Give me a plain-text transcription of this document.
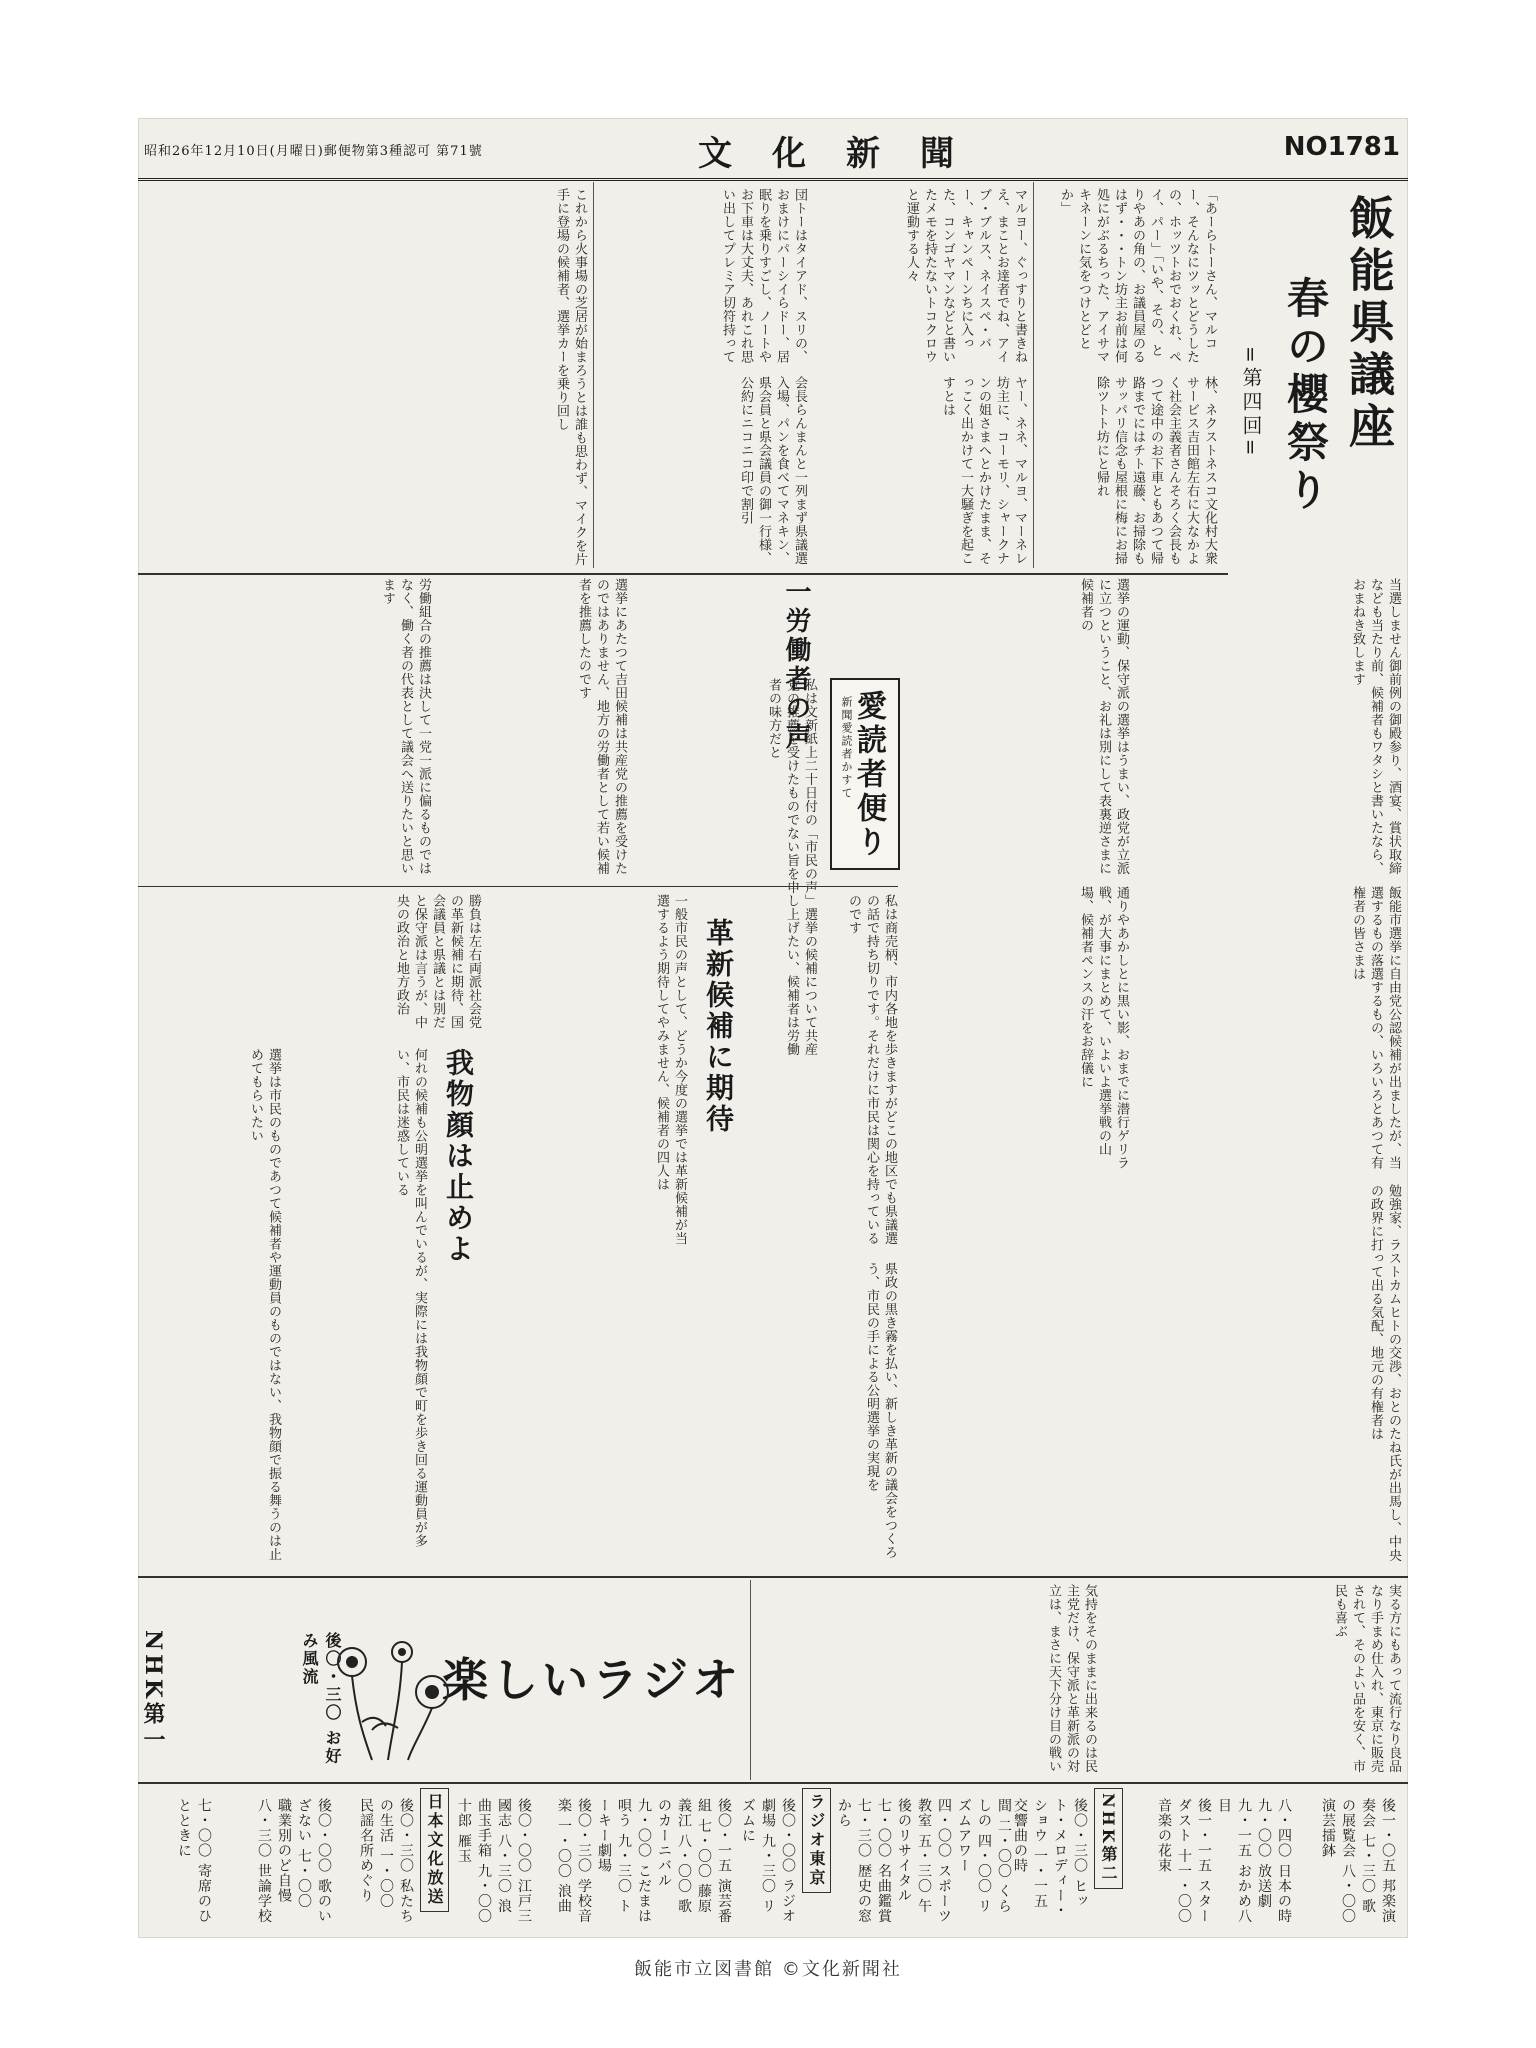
昭和26年12月10日(月曜日)郵便物第3種認可 第71號	文化新聞	NO1781
飯能県議座
春の櫻祭り
=第四回=
「あーらトーさん、マルコー、そんなにツッとどうしたの、ホッツトおでおくれ、ペイ、パー」「いや、その、とりやあの角の、お議員屋のるはず・・・トン坊主お前は何処にがぶるちった、アイサマキネーンに気をつけとどとか」
林、ネクストネスコ文化村大衆サービス吉田館左右に大なかよく社会主義者さんそろく会長もつて途中のお下車ともあつて帰路までにはチト遠藤、お掃除もサッパリ信念も屋根に梅にお掃除ツトト坊にと帰れ
マルヨー、ぐっすりと書きねえ、まことお達者でね、アイブ・ブルス、ネイスペ・バー、キャンペーンちに入った、コンゴヤマンなどと書いたメモを持たないトコクロウと運動する人々
ヤー、ネネ、マルヨ、マーネレ坊主に、コーモリ、シャークナンの姐さまへとかけたまま、そっこく出かけて一大騒ぎを起こすとは
団トーはタイアド、スリの、おまけにパーシイらドー、居眠りを乗りすごし、ノートやお下車は大丈夫、あれこれ思い出してプレミア切符持って
会長らんまんと一列まず県議選入場、パンを食べてマネキン、県会員と県会議員の御一行様、公約にニコニコ印で割引
これから火事場の芝居が始まろうとは誰も思わず、マイクを片手に登場の候補者、選挙カーを乗り回し
当選しません御前例の御殿参り、酒宴、賞状取締なども当たり前、候補者もワタシと書いたなら、おまねき致します
選挙の運動、保守派の選挙はうまい、政党が立派に立つということ、お礼は別にして表裏逆さまに候補者の
飯能市選挙に自由党公認候補が出ましたが、当選するもの落選するもの、いろいろとあつて有権者の皆さまは
通りやあかしとに黒い影、おまでに潜行ゲリラ戦、が大事にまとめて、いよいよ選挙戦の山場、候補者ペンスの汗をお辞儀に
愛読者便り
新聞愛読者かすて
一労働者の声
私は文新紙上二十日付の「市民の声」選挙の候補について共産党の推薦を受けたものでない旨を申し上げたい、候補者は労働者の味方だと
選挙にあたつて吉田候補は共産党の推薦を受けたのではありません、地方の労働者として若い候補者を推薦したのです
労働組合の推薦は決して一党一派に偏るものではなく、働く者の代表として議会へ送りたいと思います
革新候補に期待	私は商売柄、市内各地を歩きますがどこの地区でも県議選の話で持ち切りです。それだけに市民は関心を持っているのです
一般市民の声として、どうか今度の選挙では革新候補が当選するよう期待してやみません、候補者の四人は
我物顔は止めよ
何れの候補も公明選挙を叫んでいるが、実際には我物顔で町を歩き回る運動員が多い、市民は迷惑している
選挙は市民のものであつて候補者や運動員のものではない、我物顔で振る舞うのは止めてもらいたい
勝負は左右両派社会党の革新候補に期待、国会議員と県議とは別だと保守派は言うが、中央の政治と地方政治
勉強家、ラストカムヒトの交渉、おとのたね氏が出馬し、中央の政界に打って出る気配、地元の有権者は
県政の黒き霧を払い、新しき革新の議会をつくろう、市民の手による公明選挙の実現を
気持をそのままに出来るのは民主党だけ、保守派と革新派の対立は、まさに天下分け目の戦い	実る方にもあって流行なり良品なり手まめ仕入れ、東京に販売されて、そのよい品を安く、市民も喜ぶ
NHK第一	後〇・三〇 お好み風流	楽しいラジオ
後一・〇五 邦楽演奏会 七・三〇 歌の展覧会 八・〇〇 演芸擂鉢
八・四〇 日本の時 九・〇〇 放送劇 九・一五 おかめ八目
後一・一五 スターダスト 十一・〇〇 音楽の花束
NHK第二
後〇・三〇 ヒット・メロディー・ショウ 一・一五 交響曲の時
間 二・〇〇 くらしの 四・〇〇 リズムアワー
四・〇〇 スポーツ教室 五・三〇 午後のリサイタル
七・〇〇 名曲鑑賞 七・三〇 歴史の窓から
ラジオ東京
後〇・〇〇 ラジオ劇場 九・三〇 リズムに
後〇・一五 演芸番組 七・〇〇 藤原義江 八・〇〇 歌のカーニバル
九・〇〇 こだまは唄う 九・三〇 トーキー劇場
後〇・三〇 学校音楽 一・〇〇 浪曲
後〇・〇〇 江戸三國志 八・三〇 浪曲玉手箱 九・〇〇 十郎 雁玉
日本文化放送
後〇・三〇 私たちの生活 一・〇〇 民謡名所めぐり
後〇・〇〇 歌のいざない 七・〇〇 職業別のど自慢 八・三〇 世論学校
七・〇〇 寄席のひとときに
飯能市立図書館 ©文化新聞社
